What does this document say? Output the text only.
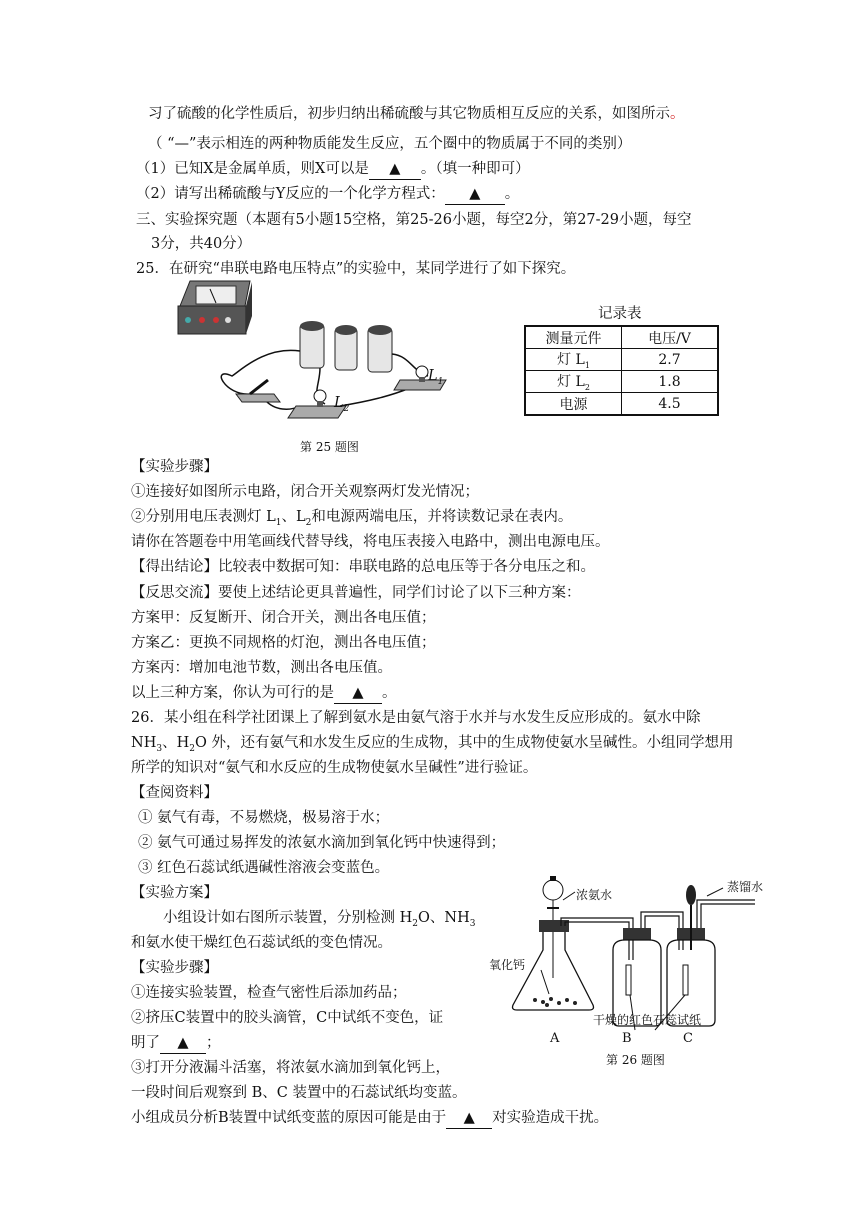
习了硫酸的化学性质后，初步归纳出稀硫酸与其它物质相互反应的关系，如图所示。
（ “—”表示相连的两种物质能发生反应，五个圈中的物质属于不同的类别）
（1）已知X是金属单质，则X可以是 ▲ 。（填一种即可）
（2）请写出稀硫酸与Y反应的一个化学方程式： ▲ 。
三、实验探究题（本题有5小题15空格，第25-26小题，每空2分，第27-29小题，每空
3分，共40分）
25．在研究“串联电路电压特点”的实验中，某同学进行了如下探究。
$L_1$
$L_2$
第 25 题图
记录表
测量元件	电压/V
灯 $L_1$	2.7
灯 $L_2$	1.8
电源	4.5
【实验步骤】
①连接好如图所示电路，闭合开关观察两灯发光情况；
②分别用电压表测灯 $L_1$、$L_2$和电源两端电压，并将读数记录在表内。
请你在答题卷中用笔画线代替导线，将电压表接入电路中，测出电源电压。
【得出结论】比较表中数据可知：串联电路的总电压等于各分电压之和。
【反思交流】要使上述结论更具普遍性，同学们讨论了以下三种方案：
方案甲：反复断开、闭合开关，测出各电压值；
方案乙：更换不同规格的灯泡，测出各电压值；
方案丙：增加电池节数，测出各电压值。
以上三种方案，你认为可行的是 ▲ 。
26．某小组在科学社团课上了解到氨水是由氨气溶于水并与水发生反应形成的。氨水中除
$NH_3$、$H_2O$ 外，还有氨气和水发生反应的生成物，其中的生成物使氨水呈碱性。小组同学想用
所学的知识对“氨气和水反应的生成物使氨水呈碱性”进行验证。
【查阅资料】
① 氨气有毒，不易燃烧，极易溶于水；
② 氨气可通过易挥发的浓氨水滴加到氧化钙中快速得到；
③ 红色石蕊试纸遇碱性溶液会变蓝色。
【实验方案】
小组设计如右图所示装置，分别检测 $H_2O$、$NH_3$
和氨水使干燥红色石蕊试纸的变色情况。
【实验步骤】
①连接实验装置，检查气密性后添加药品；
②挤压C装置中的胶头滴管，C中试纸不变色，证
明了 ▲ ；
③打开分液漏斗活塞，将浓氨水滴加到氧化钙上，
一段时间后观察到 B、C 装置中的石蕊试纸均变蓝。
小组成员分析B装置中试纸变蓝的原因可能是由于 ▲ 对实验造成干扰。
浓氨水
蒸馏水
氧化钙
干燥的红色石蕊试纸
A	B	C
第 26 题图
